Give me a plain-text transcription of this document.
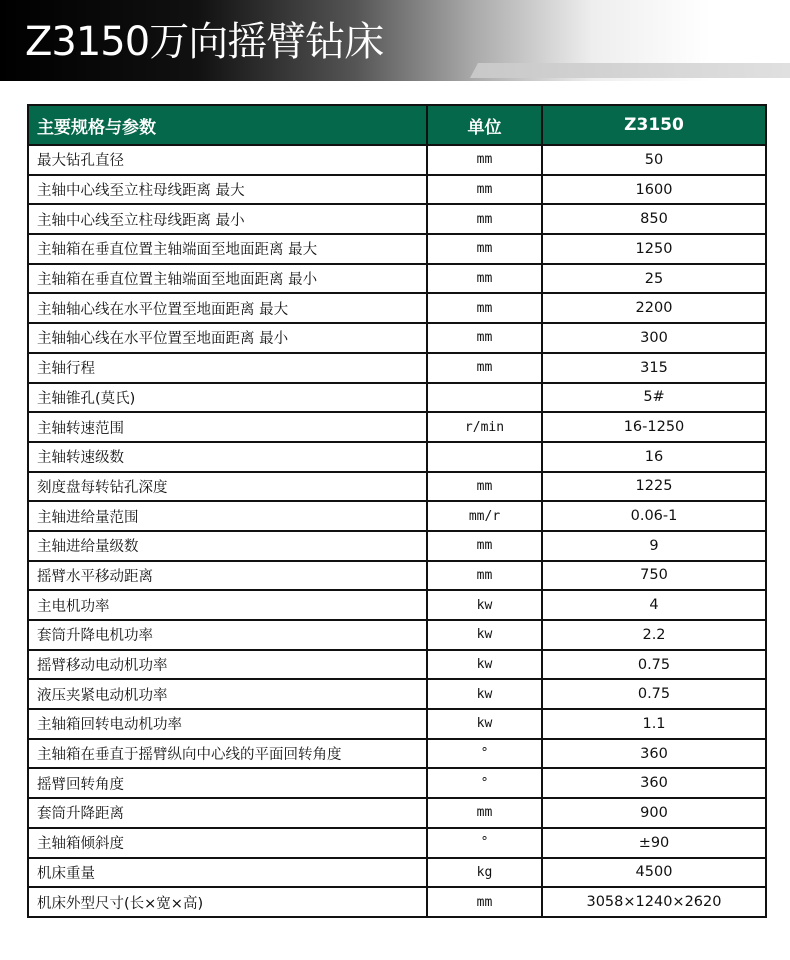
Z3150万向摇臂钻床
主要规格与参数	单位	Z3150
最大钻孔直径	mm	50
主轴中心线至立柱母线距离 最大	mm	1600
主轴中心线至立柱母线距离 最小	mm	850
主轴箱在垂直位置主轴端面至地面距离 最大	mm	1250
主轴箱在垂直位置主轴端面至地面距离 最小	mm	25
主轴轴心线在水平位置至地面距离 最大	mm	2200
主轴轴心线在水平位置至地面距离 最小	mm	300
主轴行程	mm	315
主轴锥孔(莫氏)		5#
主轴转速范围	r/min	16-1250
主轴转速级数		16
刻度盘每转钻孔深度	mm	1225
主轴进给量范围	mm/r	0.06-1
主轴进给量级数	mm	9
摇臂水平移动距离	mm	750
主电机功率	kw	4
套筒升降电机功率	kw	2.2
摇臂移动电动机功率	kw	0.75
液压夹紧电动机功率	kw	0.75
主轴箱回转电动机功率	kw	1.1
主轴箱在垂直于摇臂纵向中心线的平面回转角度	°	360
摇臂回转角度	°	360
套筒升降距离	mm	900
主轴箱倾斜度	°	±90
机床重量	kg	4500
机床外型尺寸(长×宽×高)	mm	3058×1240×2620
